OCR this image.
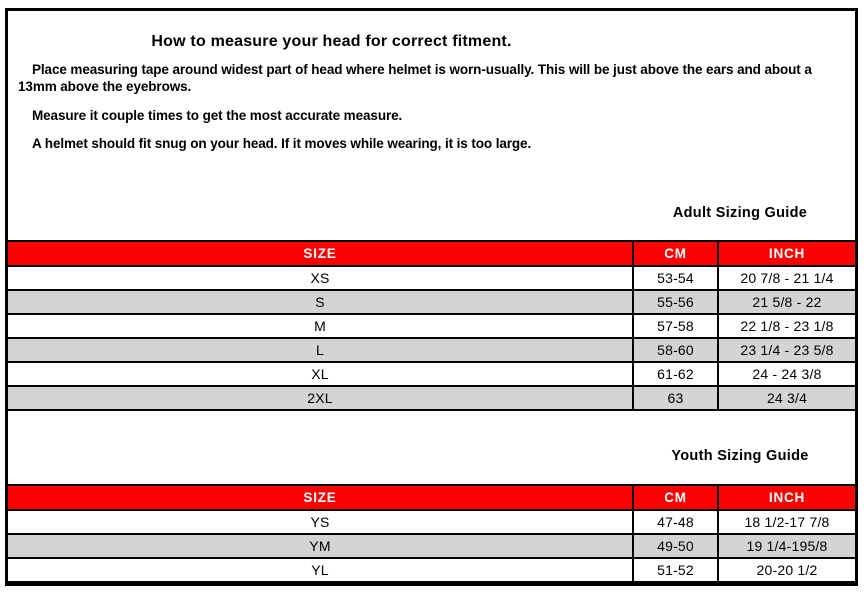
How to measure your head for correct fitment.
Place measuring tape around widest part of head where helmet is worn-usually. This will be just above the ears and about a 13mm above the eyebrows.
Measure it couple times to get the most accurate measure.
A helmet should fit snug on your head. If it moves while wearing, it is too large.
Adult Sizing Guide
SIZE	CM	INCH
XS	53-54	20 7/8 - 21 1/4
S	55-56	21 5/8 - 22
M	57-58	22 1/8 - 23 1/8
L	58-60	23 1/4 - 23 5/8
XL	61-62	24 - 24 3/8
2XL	63	24 3/4
Youth Sizing Guide
SIZE	CM	INCH
YS	47-48	18 1/2-17 7/8
YM	49-50	19 1/4-195/8
YL	51-52	20-20 1/2
